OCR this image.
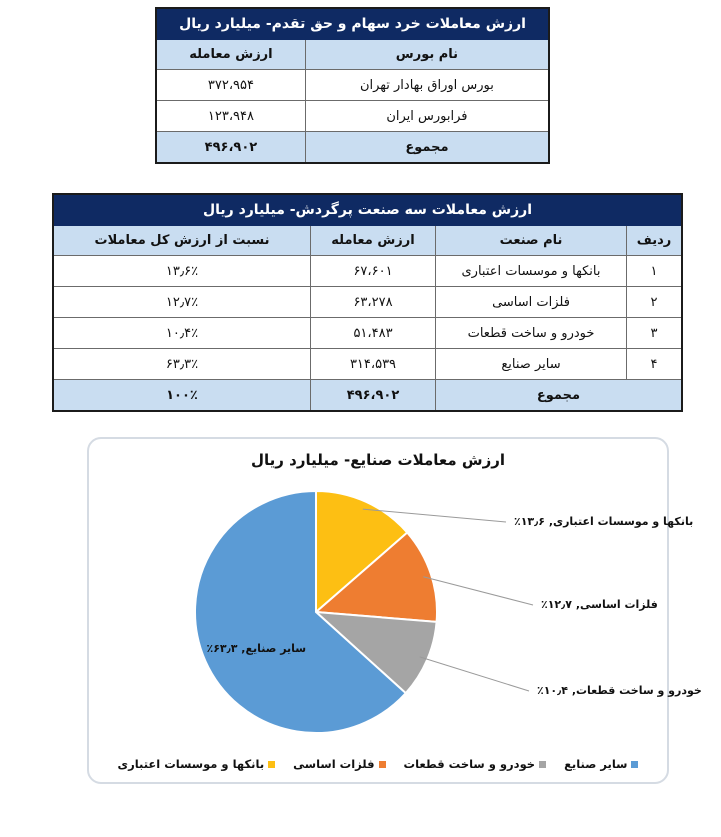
ارزش معاملات خرد سهام و حق تقدم- میلیارد ریال	
نام بورس	ارزش معامله
بورس اوراق بهادار تهران	۳۷۲،۹۵۴
فرابورس ایران	۱۲۳،۹۴۸
مجموع	۴۹۶،۹۰۲
ارزش معاملات سه صنعت پرگردش- میلیارد ریال			
ردیف	نام صنعت	ارزش معامله	نسبت از ارزش کل معاملات
۱	بانکها و موسسات اعتباری	۶۷،۶۰۱	۱۳٫۶٪
۲	فلزات اساسی	۶۳،۲۷۸	۱۲٫۷٪
۳	خودرو و ساخت قطعات	۵۱،۴۸۳	۱۰٫۴٪
۴	سایر صنایع	۳۱۴،۵۳۹	۶۳٫۳٪
مجموع		۴۹۶،۹۰۲	۱۰۰٪
ارزش معاملات صنایع- میلیارد ریال
بانکها و موسسات اعتباری, ۱۳٫۶٪
فلزات اساسی, ۱۲٫۷٪
خودرو و ساخت قطعات, ۱۰٫۴٪
سایر صنایع, ۶۳٫۳٪
سایر صنایع
خودرو و ساخت قطعات
فلزات اساسی
بانکها و موسسات اعتباری
